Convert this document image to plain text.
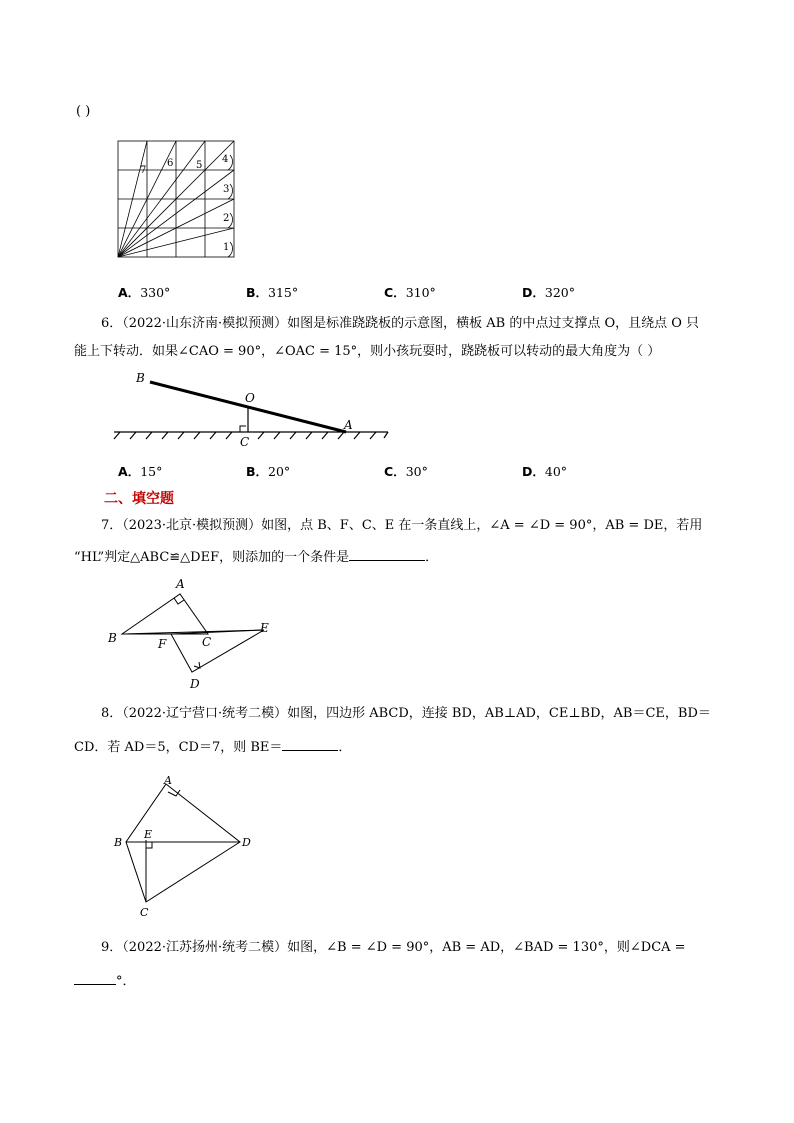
( )
1
2
3
4
5
6
7
A．330°	B．315°	C．310°	D．320°
6．（2022·山东济南·模拟预测）如图是标准跷跷板的示意图，横板 AB 的中点过支撑点 O，且绕点 O 只
能上下转动．如果∠CAO = 90°，∠OAC = 15°，则小孩玩耍时，跷跷板可以转动的最大角度为（ ）
B
O
A
C
A．15°	B．20°	C．30°	D．40°
二、填空题
7．（2023·北京·模拟预测）如图，点 B、F、C、E 在一条直线上，∠A = ∠D = 90°，AB = DE，若用
“HL”判定△ABC≌△DEF，则添加的一个条件是	．
A
B	C
D
E
F
8．（2022·辽宁营口·统考二模）如图，四边形 ABCD，连接 BD，AB⊥AD，CE⊥BD，AB＝CE，BD＝
CD．若 AD＝5，CD＝7，则 BE＝	．
A
B
C
D
E
9．（2022·江苏扬州·统考二模）如图，∠B = ∠D = 90°，AB = AD，∠BAD = 130°，则∠DCA =
°．
